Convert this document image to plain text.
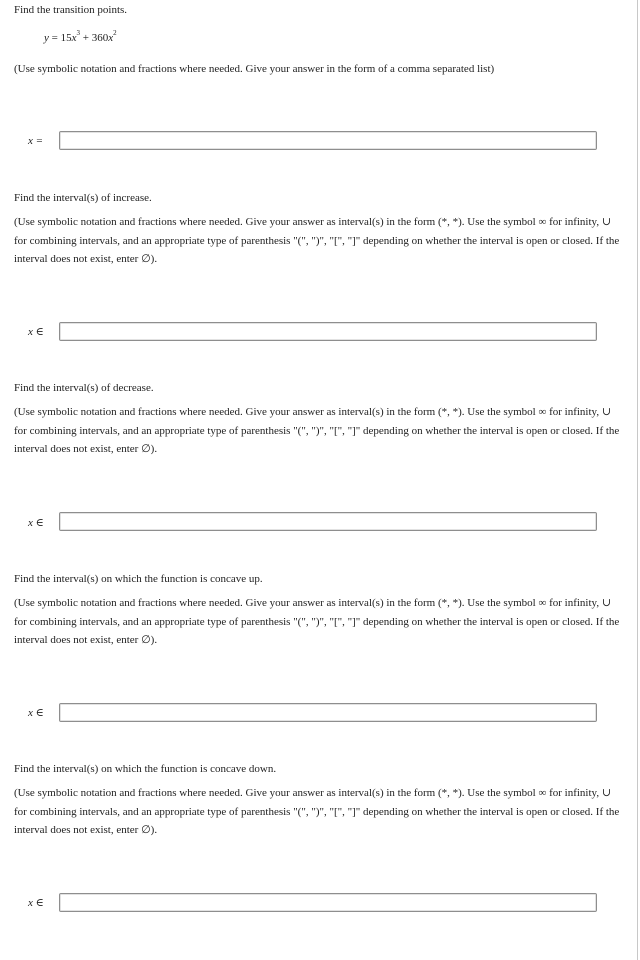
Find the transition points.
$y = 15x^3 + 360x^2$
(Use symbolic notation and fractions where needed. Give your answer in the form of a comma separated list)
x =
Find the interval(s) of increase.
(Use symbolic notation and fractions where needed. Give your answer as interval(s) in the form (*, *). Use the symbol ∞ for infinity, ∪ for combining intervals, and an appropriate type of parenthesis "(", ")", "[", "]" depending on whether the interval is open or closed. If the interval does not exist, enter ∅).
x ∈
Find the interval(s) of decrease.
(Use symbolic notation and fractions where needed. Give your answer as interval(s) in the form (*, *). Use the symbol ∞ for infinity, ∪ for combining intervals, and an appropriate type of parenthesis "(", ")", "[", "]" depending on whether the interval is open or closed. If the interval does not exist, enter ∅).
x ∈
Find the interval(s) on which the function is concave up.
(Use symbolic notation and fractions where needed. Give your answer as interval(s) in the form (*, *). Use the symbol ∞ for infinity, ∪ for combining intervals, and an appropriate type of parenthesis "(", ")", "[", "]" depending on whether the interval is open or closed. If the interval does not exist, enter ∅).
x ∈
Find the interval(s) on which the function is concave down.
(Use symbolic notation and fractions where needed. Give your answer as interval(s) in the form (*, *). Use the symbol ∞ for infinity, ∪ for combining intervals, and an appropriate type of parenthesis "(", ")", "[", "]" depending on whether the interval is open or closed. If the interval does not exist, enter ∅).
x ∈
